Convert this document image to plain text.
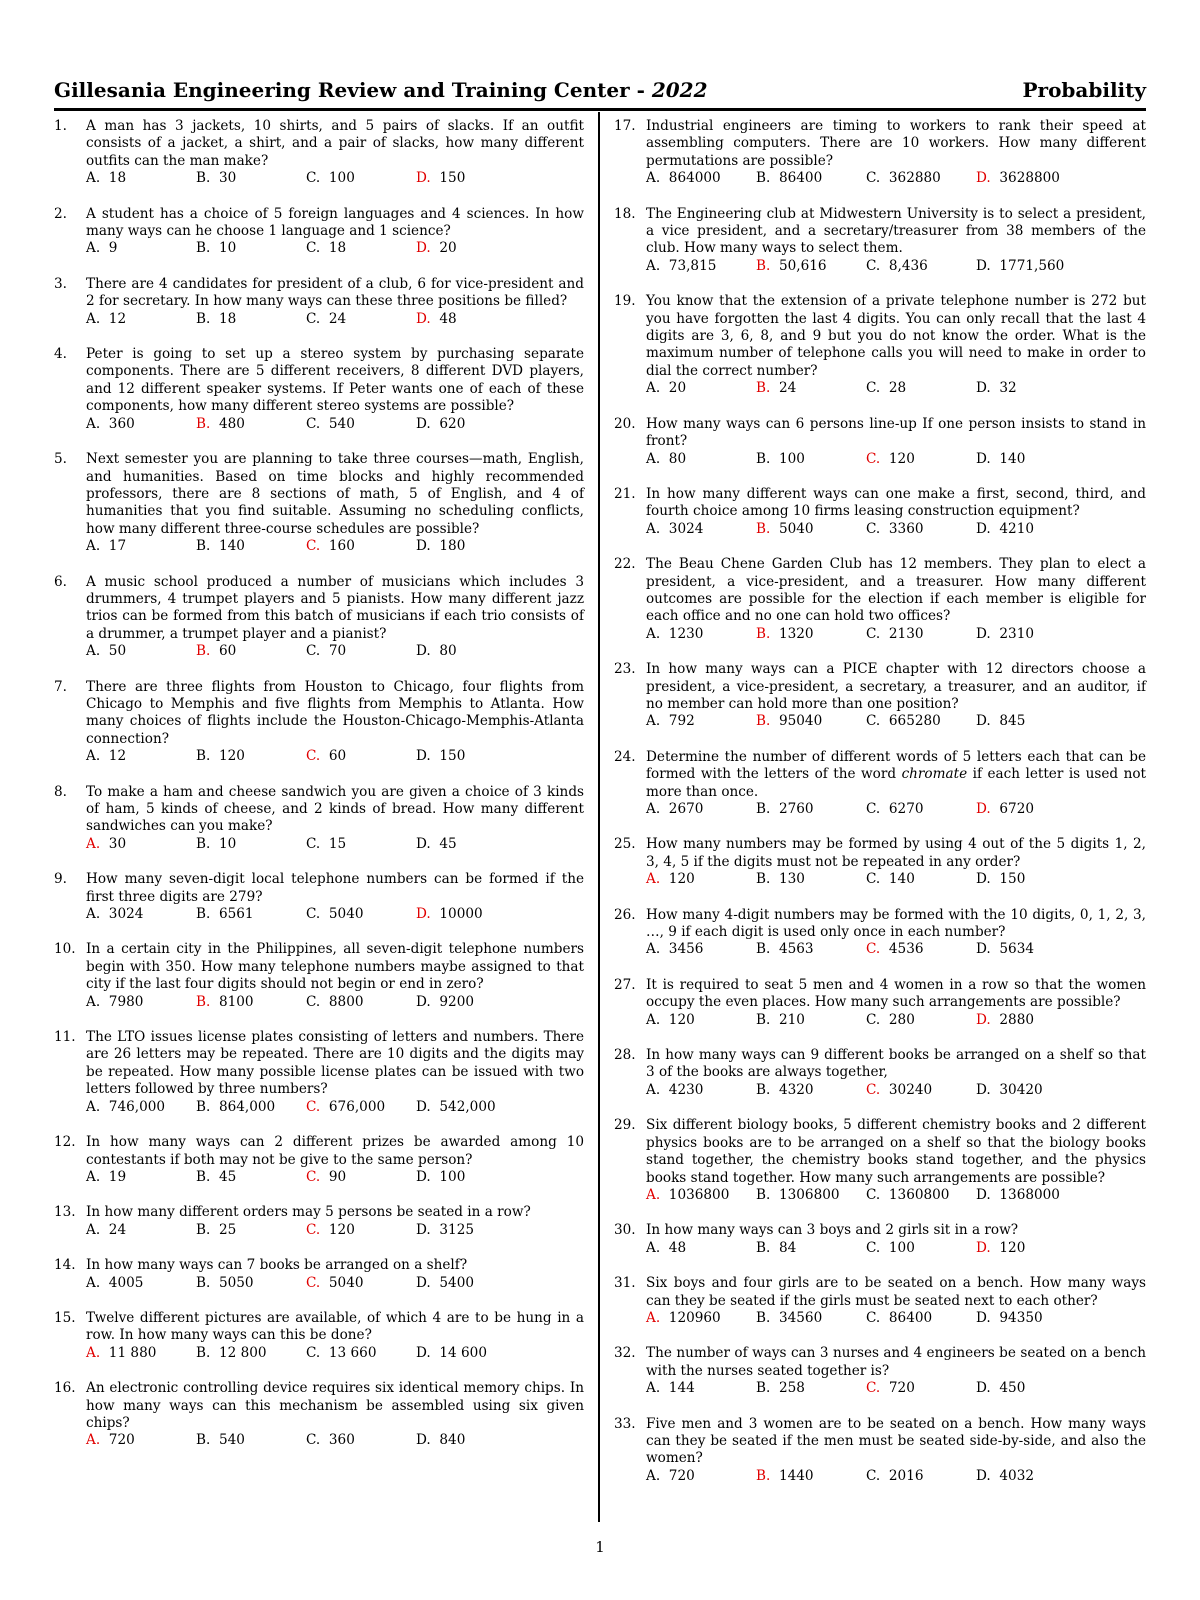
Gillesania Engineering Review and Training Center - 2022	Probability
1. A man has 3 jackets, 10 shirts, and 5 pairs of slacks. If an outfit consists of a jacket, a shirt, and a pair of slacks, how many different outfits can the man make?
A. 18	B. 30	C. 100	D. 150
2. A student has a choice of 5 foreign languages and 4 sciences. In how many ways can he choose 1 language and 1 science?
A. 9	B. 10	C. 18	D. 20
3. There are 4 candidates for president of a club, 6 for vice-president and 2 for secretary. In how many ways can these three positions be filled?
A. 12	B. 18	C. 24	D. 48
4. Peter is going to set up a stereo system by purchasing separate components. There are 5 different receivers, 8 different DVD players, and 12 different speaker systems. If Peter wants one of each of these components, how many different stereo systems are possible?
A. 360	B. 480	C. 540	D. 620
5. Next semester you are planning to take three courses—math, English, and humanities. Based on time blocks and highly recommended professors, there are 8 sections of math, 5 of English, and 4 of humanities that you find suitable. Assuming no scheduling conflicts, how many different three-course schedules are possible?
A. 17	B. 140	C. 160	D. 180
6. A music school produced a number of musicians which includes 3 drummers, 4 trumpet players and 5 pianists. How many different jazz trios can be formed from this batch of musicians if each trio consists of a drummer, a trumpet player and a pianist?
A. 50	B. 60	C. 70	D. 80
7. There are three flights from Houston to Chicago, four flights from Chicago to Memphis and five flights from Memphis to Atlanta. How many choices of flights include the Houston-Chicago-Memphis-Atlanta connection?
A. 12	B. 120	C. 60	D. 150
8. To make a ham and cheese sandwich you are given a choice of 3 kinds of ham, 5 kinds of cheese, and 2 kinds of bread. How many different sandwiches can you make?
A. 30	B. 10	C. 15	D. 45
9. How many seven-digit local telephone numbers can be formed if the first three digits are 279?
A. 3024	B. 6561	C. 5040	D. 10000
10. In a certain city in the Philippines, all seven-digit telephone numbers begin with 350. How many telephone numbers maybe assigned to that city if the last four digits should not begin or end in zero?
A. 7980	B. 8100	C. 8800	D. 9200
11. The LTO issues license plates consisting of letters and numbers. There are 26 letters may be repeated. There are 10 digits and the digits may be repeated. How many possible license plates can be issued with two letters followed by three numbers?
A. 746,000	B. 864,000	C. 676,000	D. 542,000
12. In how many ways can 2 different prizes be awarded among 10 contestants if both may not be give to the same person?
A. 19	B. 45	C. 90	D. 100
13. In how many different orders may 5 persons be seated in a row?
A. 24	B. 25	C. 120	D. 3125
14. In how many ways can 7 books be arranged on a shelf?
A. 4005	B. 5050	C. 5040	D. 5400
15. Twelve different pictures are available, of which 4 are to be hung in a row. In how many ways can this be done?
A. 11 880	B. 12 800	C. 13 660	D. 14 600
16. An electronic controlling device requires six identical memory chips. In how many ways can this mechanism be assembled using six given chips?
A. 720	B. 540	C. 360	D. 840
17. Industrial engineers are timing to workers to rank their speed at assembling computers. There are 10 workers. How many different permutations are possible?
A. 864000	B. 86400	C. 362880	D. 3628800
18. The Engineering club at Midwestern University is to select a president, a vice president, and a secretary/treasurer from 38 members of the club. How many ways to select them.
A. 73,815	B. 50,616	C. 8,436	D. 1771,560
19. You know that the extension of a private telephone number is 272 but you have forgotten the last 4 digits. You can only recall that the last 4 digits are 3, 6, 8, and 9 but you do not know the order. What is the maximum number of telephone calls you will need to make in order to dial the correct number?
A. 20	B. 24	C. 28	D. 32
20. How many ways can 6 persons line-up If one person insists to stand in front?
A. 80	B. 100	C. 120	D. 140
21. In how many different ways can one make a first, second, third, and fourth choice among 10 firms leasing construction equipment?
A. 3024	B. 5040	C. 3360	D. 4210
22. The Beau Chene Garden Club has 12 members. They plan to elect a president, a vice-president, and a treasurer. How many different outcomes are possible for the election if each member is eligible for each office and no one can hold two offices?
A. 1230	B. 1320	C. 2130	D. 2310
23. In how many ways can a PICE chapter with 12 directors choose a president, a vice-president, a secretary, a treasurer, and an auditor, if no member can hold more than one position?
A. 792	B. 95040	C. 665280	D. 845
24. Determine the number of different words of 5 letters each that can be formed with the letters of the word chromate if each letter is used not more than once.
A. 2670	B. 2760	C. 6270	D. 6720
25. How many numbers may be formed by using 4 out of the 5 digits 1, 2, 3, 4, 5 if the digits must not be repeated in any order?
A. 120	B. 130	C. 140	D. 150
26. How many 4-digit numbers may be formed with the 10 digits, 0, 1, 2, 3, …, 9 if each digit is used only once in each number?
A. 3456	B. 4563	C. 4536	D. 5634
27. It is required to seat 5 men and 4 women in a row so that the women occupy the even places. How many such arrangements are possible?
A. 120	B. 210	C. 280	D. 2880
28. In how many ways can 9 different books be arranged on a shelf so that 3 of the books are always together,
A. 4230	B. 4320	C. 30240	D. 30420
29. Six different biology books, 5 different chemistry books and 2 different physics books are to be arranged on a shelf so that the biology books stand together, the chemistry books stand together, and the physics books stand together. How many such arrangements are possible?
A. 1036800	B. 1306800	C. 1360800	D. 1368000
30. In how many ways can 3 boys and 2 girls sit in a row?
A. 48	B. 84	C. 100	D. 120
31. Six boys and four girls are to be seated on a bench. How many ways can they be seated if the girls must be seated next to each other?
A. 120960	B. 34560	C. 86400	D. 94350
32. The number of ways can 3 nurses and 4 engineers be seated on a bench with the nurses seated together is?
A. 144	B. 258	C. 720	D. 450
33. Five men and 3 women are to be seated on a bench. How many ways can they be seated if the men must be seated side-by-side, and also the women?
A. 720	B. 1440	C. 2016	D. 4032
1
